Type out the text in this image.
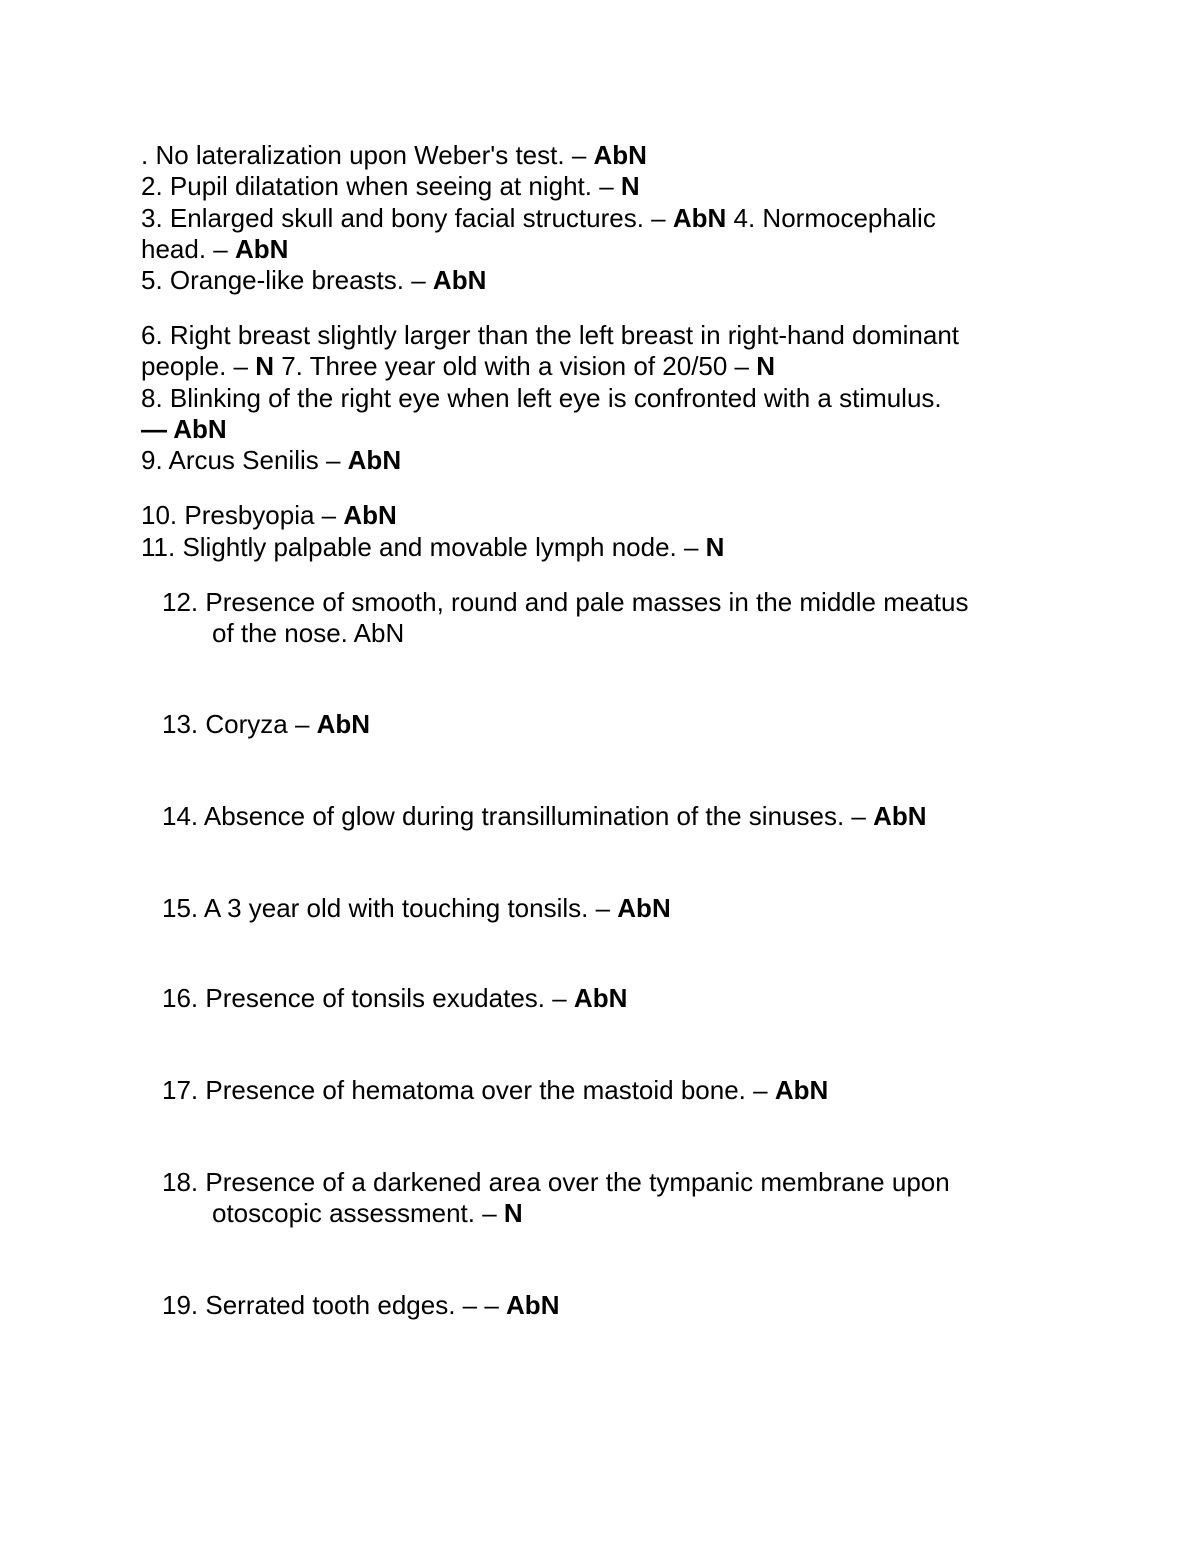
. No lateralization upon Weber's test. – AbN
2. Pupil dilatation when seeing at night. – N
3. Enlarged skull and bony facial structures. – AbN 4. Normocephalic
head. – AbN
5. Orange-like breasts. – AbN
6. Right breast slightly larger than the left breast in right-hand dominant
people. – N 7. Three year old with a vision of 20/50 – N
8. Blinking of the right eye when left eye is confronted with a stimulus.
— AbN
9. Arcus Senilis – AbN
10. Presbyopia – AbN
11. Slightly palpable and movable lymph node. – N
12. Presence of smooth, round and pale masses in the middle meatus
of the nose. AbN
13. Coryza – AbN
14. Absence of glow during transillumination of the sinuses. – AbN
15. A 3 year old with touching tonsils. – AbN
16. Presence of tonsils exudates. – AbN
17. Presence of hematoma over the mastoid bone. – AbN
18. Presence of a darkened area over the tympanic membrane upon
otoscopic assessment. – N
19. Serrated tooth edges. – – AbN
